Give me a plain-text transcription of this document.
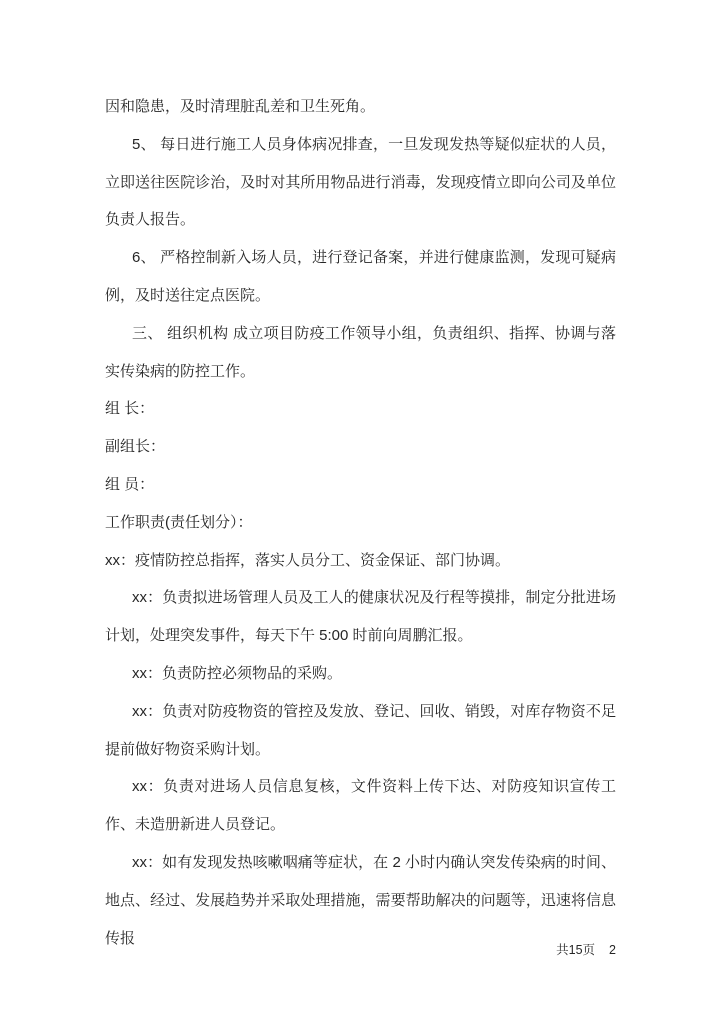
因和隐患，及时清理脏乱差和卫生死角。

5、 每日进行施工人员身体病况排查，一旦发现发热等疑似症状的人员，立即送往医院诊治，及时对其所用物品进行消毒，发现疫情立即向公司及单位负责人报告。

6、 严格控制新入场人员，进行登记备案，并进行健康监测，发现可疑病例，及时送往定点医院。

三、 组织机构 成立项目防疫工作领导小组，负责组织、指挥、协调与落实传染病的防控工作。

组 长：

副组长：

组 员：

工作职责(责任划分）：

xx：疫情防控总指挥，落实人员分工、资金保证、部门协调。

xx：负责拟进场管理人员及工人的健康状况及行程等摸排，制定分批进场计划，处理突发事件，每天下午 5:00 时前向周鹏汇报。

xx：负责防控必须物品的采购。

xx：负责对防疫物资的管控及发放、登记、回收、销毁，对库存物资不足提前做好物资采购计划。

xx：负责对进场人员信息复核，文件资料上传下达、对防疫知识宣传工作、未造册新进人员登记。

xx：如有发现发热咳嗽咽痛等症状，在 2 小时内确认突发传染病的时间、地点、经过、发展趋势并采取处理措施，需要帮助解决的问题等，迅速将信息传报

共15页 2
